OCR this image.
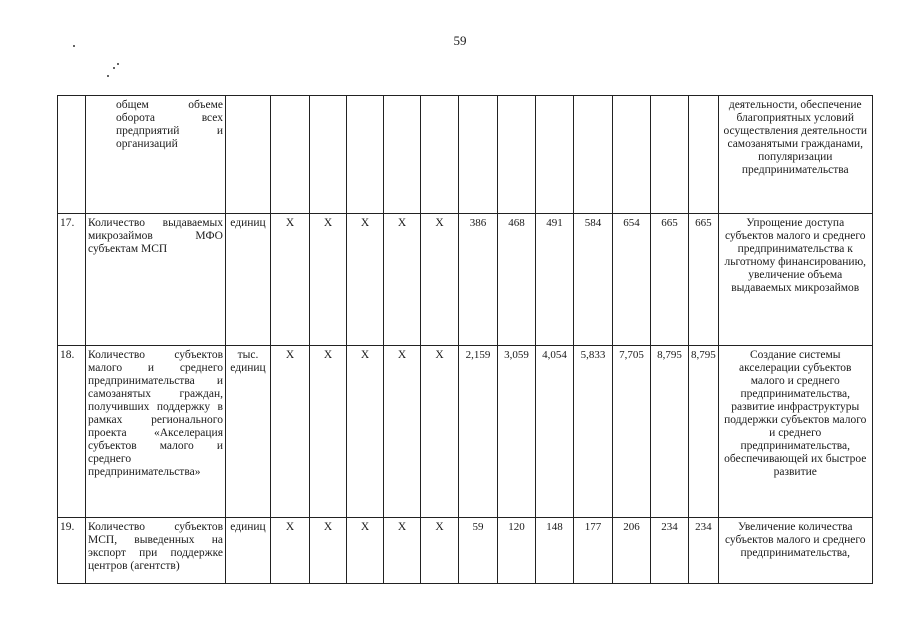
59
	общем объеме оборота всех предприятий и организаций														деятельности, обеспечение благоприятных условий осуществления деятельности самозанятыми гражданами, популяризации предпринимательства
17.	Количество выдаваемых микрозаймов МФО субъектам МСП	единиц	X	X	X	X	X	386	468	491	584	654	665	665	Упрощение доступа субъектов малого и среднего предпринимательства к льготному финансированию, увеличение объема выдаваемых микрозаймов
18.	Количество субъектов малого и среднего предпринимательства и самозанятых граждан, получивших поддержку в рамках регионального проекта «Акселерация субъектов малого и среднего предпринимательства»	тыс. единиц	X	X	X	X	X	2,159	3,059	4,054	5,833	7,705	8,795	8,795	Создание системы акселерации субъектов малого и среднего предпринимательства, развитие инфраструктуры поддержки субъектов малого и среднего предпринимательства, обеспечивающей их быстрое развитие
19.	Количество субъектов МСП, выведенных на экспорт при поддержке центров (агентств)	единиц	X	X	X	X	X	59	120	148	177	206	234	234	Увеличение количества субъектов малого и среднего предпринимательства,
